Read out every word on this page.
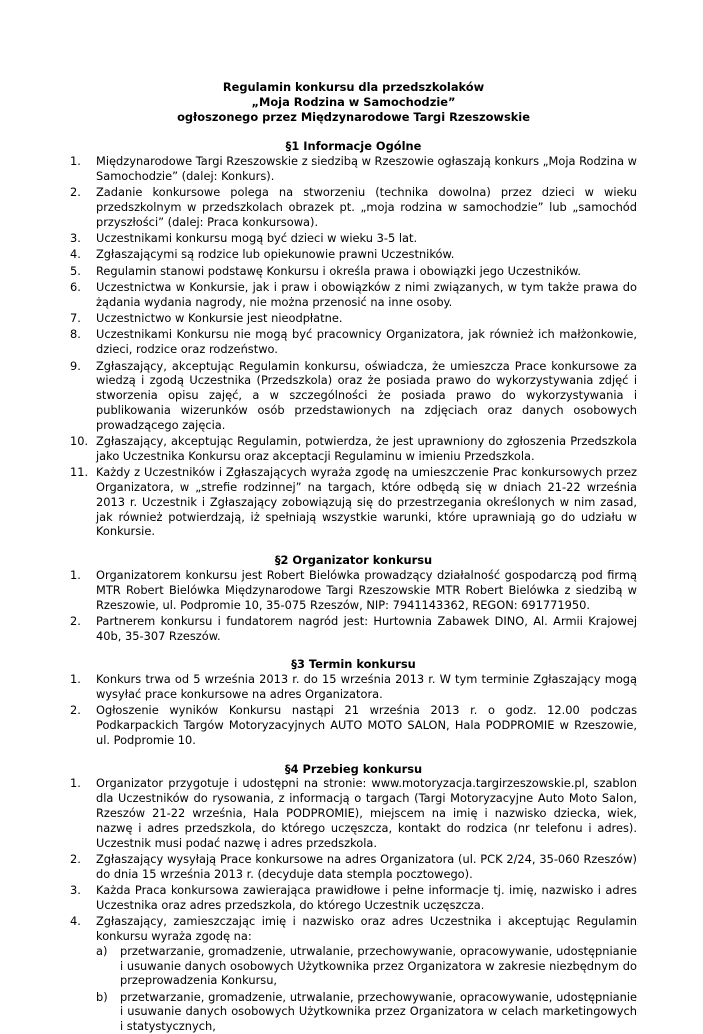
Regulamin konkursu dla przedszkolaków
„Moja Rodzina w Samochodzie”
ogłoszonego przez Międzynarodowe Targi Rzeszowskie
§1 Informacje Ogólne
1.	Międzynarodowe Targi Rzeszowskie z siedzibą w Rzeszowie ogłaszają konkurs „Moja Rodzina w Samochodzie” (dalej: Konkurs).
2.	Zadanie konkursowe polega na stworzeniu (technika dowolna) przez dzieci w wieku przedszkolnym w przedszkolach obrazek pt. „moja rodzina w samochodzie” lub „samochód przyszłości” (dalej: Praca konkursowa).
3.	Uczestnikami konkursu mogą być dzieci w wieku 3-5 lat.
4.	Zgłaszającymi są rodzice lub opiekunowie prawni Uczestników.
5.	Regulamin stanowi podstawę Konkursu i określa prawa i obowiązki jego Uczestników.
6.	Uczestnictwa w Konkursie, jak i praw i obowiązków z nimi związanych, w tym także prawa do żądania wydania nagrody, nie można przenosić na inne osoby.
7.	Uczestnictwo w Konkursie jest nieodpłatne.
8.	Uczestnikami Konkursu nie mogą być pracownicy Organizatora, jak również ich małżonkowie, dzieci, rodzice oraz rodzeństwo.
9.	Zgłaszający, akceptując Regulamin konkursu, oświadcza, że umieszcza Prace konkursowe za wiedzą i zgodą Uczestnika (Przedszkola) oraz że posiada prawo do wykorzystywania zdjęć i stworzenia opisu zajęć, a w szczególności że posiada prawo do wykorzystywania i publikowania wizerunków osób przedstawionych na zdjęciach oraz danych osobowych prowadzącego zajęcia.
10. Zgłaszający, akceptując Regulamin, potwierdza, że jest uprawniony do zgłoszenia Przedszkola jako Uczestnika Konkursu oraz akceptacji Regulaminu w imieniu Przedszkola.
11. Każdy z Uczestników i Zgłaszających wyraża zgodę na umieszczenie Prac konkursowych przez Organizatora, w „strefie rodzinnej” na targach, które odbędą się w dniach 21-22 września 2013 r. Uczestnik i Zgłaszający zobowiązują się do przestrzegania określonych w nim zasad, jak również potwierdzają, iż spełniają wszystkie warunki, które uprawniają go do udziału w Konkursie.
§2 Organizator konkursu
1.	Organizatorem konkursu jest Robert Bielówka prowadzący działalność gospodarczą pod firmą MTR Robert Bielówka Międzynarodowe Targi Rzeszowskie MTR Robert Bielówka z siedzibą w Rzeszowie, ul. Podpromie 10, 35-075 Rzeszów, NIP: 7941143362, REGON: 691771950.
2.	Partnerem konkursu i fundatorem nagród jest: Hurtownia Zabawek DINO, Al. Armii Krajowej 40b, 35-307 Rzeszów.
§3 Termin konkursu
1.	Konkurs trwa od 5 września 2013 r. do 15 września 2013 r. W tym terminie Zgłaszający mogą wysyłać prace konkursowe na adres Organizatora.
2.	Ogłoszenie wyników Konkursu nastąpi 21 września 2013 r. o godz. 12.00 podczas Podkarpackich Targów Motoryzacyjnych AUTO MOTO SALON, Hala PODPROMIE w Rzeszowie, ul. Podpromie 10.
§4 Przebieg konkursu
1.	Organizator przygotuje i udostępni na stronie: www.motoryzacja.targirzeszowskie.pl, szablon dla Uczestników do rysowania, z informacją o targach (Targi Motoryzacyjne Auto Moto Salon, Rzeszów 21-22 września, Hala PODPROMIE), miejscem na imię i nazwisko dziecka, wiek, nazwę i adres przedszkola, do którego uczęszcza, kontakt do rodzica (nr telefonu i adres). Uczestnik musi podać nazwę i adres przedszkola.
2.	Zgłaszający wysyłają Prace konkursowe na adres Organizatora (ul. PCK 2/24, 35-060 Rzeszów) do dnia 15 września 2013 r. (decyduje data stempla pocztowego).
3.	Każda Praca konkursowa zawierająca prawidłowe i pełne informacje tj. imię, nazwisko i adres Uczestnika oraz adres przedszkola, do którego Uczestnik uczęszcza.
4.	Zgłaszający, zamieszczając imię i nazwisko oraz adres Uczestnika i akceptując Regulamin konkursu wyraża zgodę na:
a)	przetwarzanie, gromadzenie, utrwalanie, przechowywanie, opracowywanie, udostępnianie i usuwanie danych osobowych Użytkownika przez Organizatora w zakresie niezbędnym do przeprowadzenia Konkursu,
b)	przetwarzanie, gromadzenie, utrwalanie, przechowywanie, opracowywanie, udostępnianie i usuwanie danych osobowych Użytkownika przez Organizatora w celach marketingowych i statystycznych,
